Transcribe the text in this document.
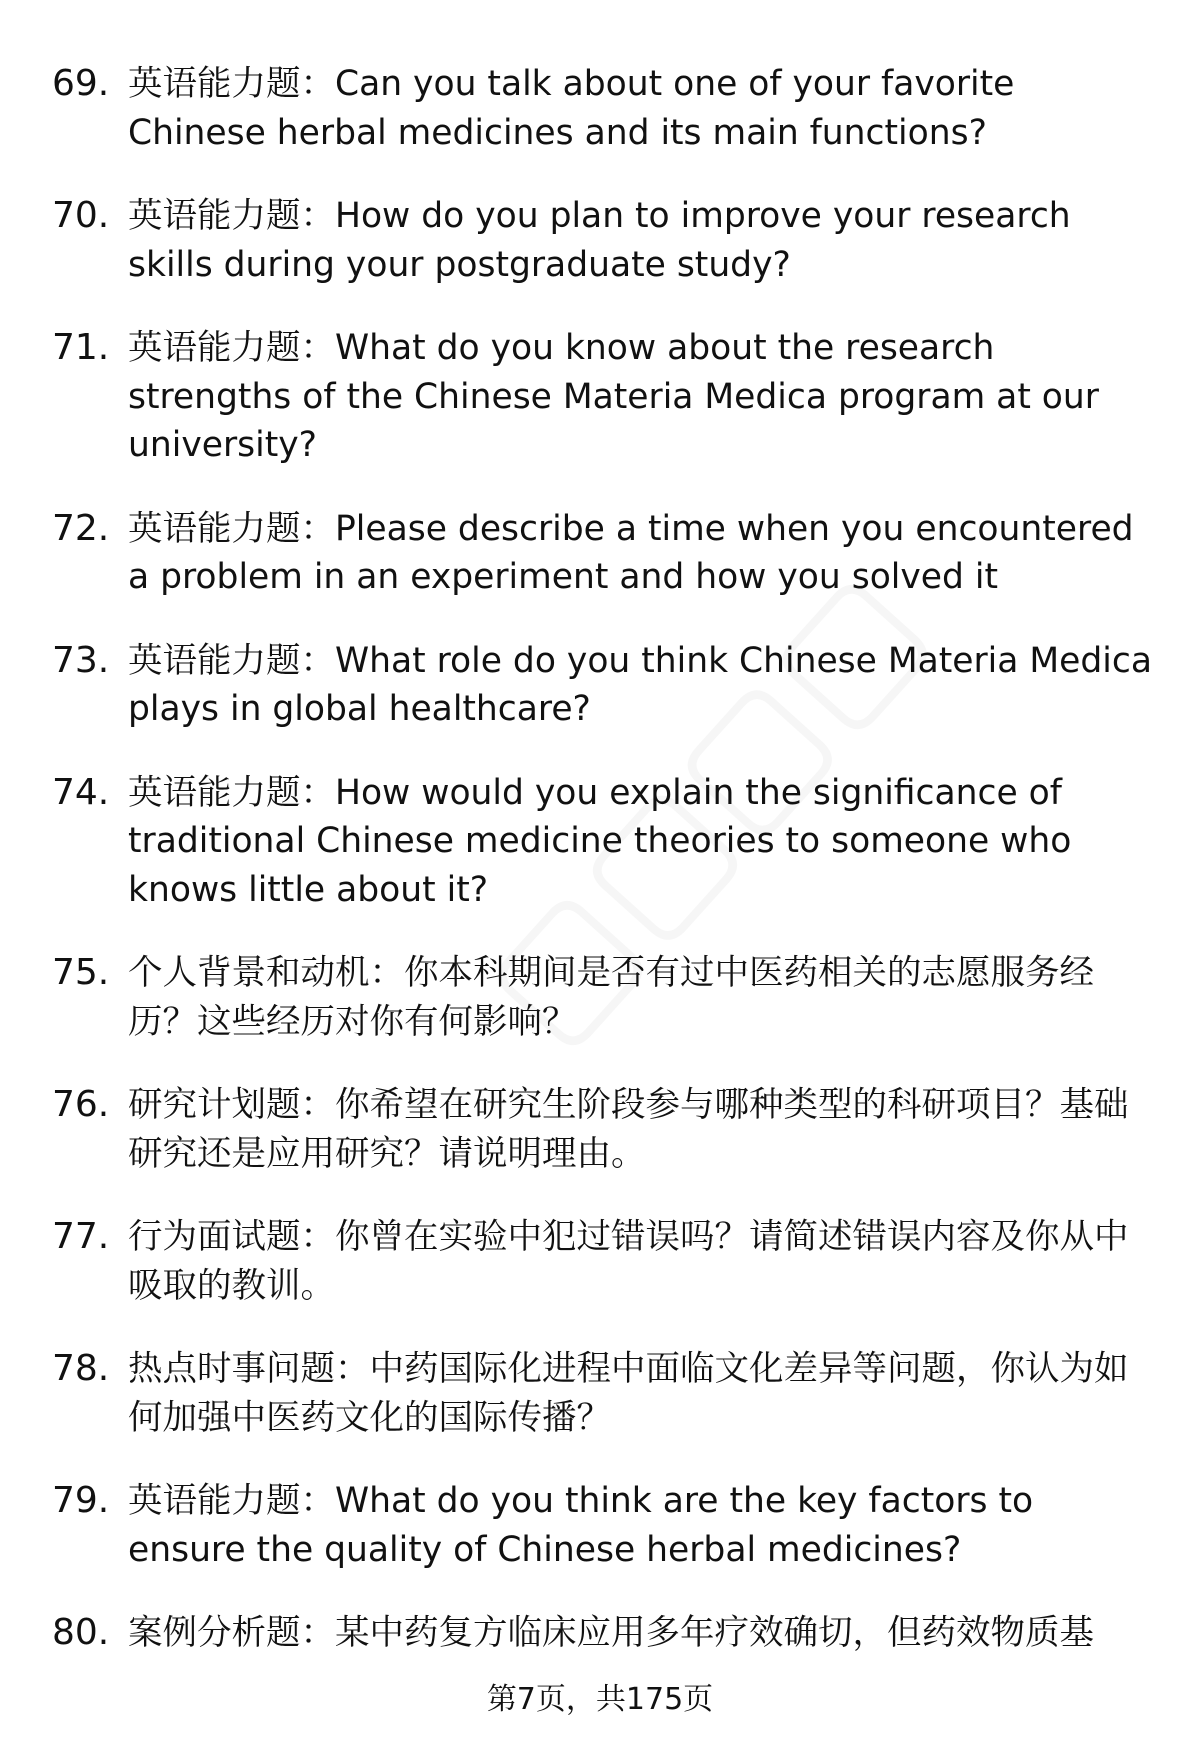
69. 英语能力题：Can you talk about one of your favorite Chinese herbal medicines and its main functions?
70. 英语能力题：How do you plan to improve your research skills during your postgraduate study?
71. 英语能力题：What do you know about the research strengths of the Chinese Materia Medica program at our university?
72. 英语能力题：Please describe a time when you encountered a problem in an experiment and how you solved it
73. 英语能力题：What role do you think Chinese Materia Medica plays in global healthcare?
74. 英语能力题：How would you explain the significance of traditional Chinese medicine theories to someone who knows little about it?
75. 个人背景和动机：你本科期间是否有过中医药相关的志愿服务经历？这些经历对你有何影响？
76. 研究计划题：你希望在研究生阶段参与哪种类型的科研项目？基础研究还是应用研究？请说明理由。
77. 行为面试题：你曾在实验中犯过错误吗？请简述错误内容及你从中吸取的教训。
78. 热点时事问题：中药国际化进程中面临文化差异等问题，你认为如何加强中医药文化的国际传播？
79. 英语能力题：What do you think are the key factors to ensure the quality of Chinese herbal medicines?
80. 案例分析题：某中药复方临床应用多年疗效确切，但药效物质基
第7页，共175页
